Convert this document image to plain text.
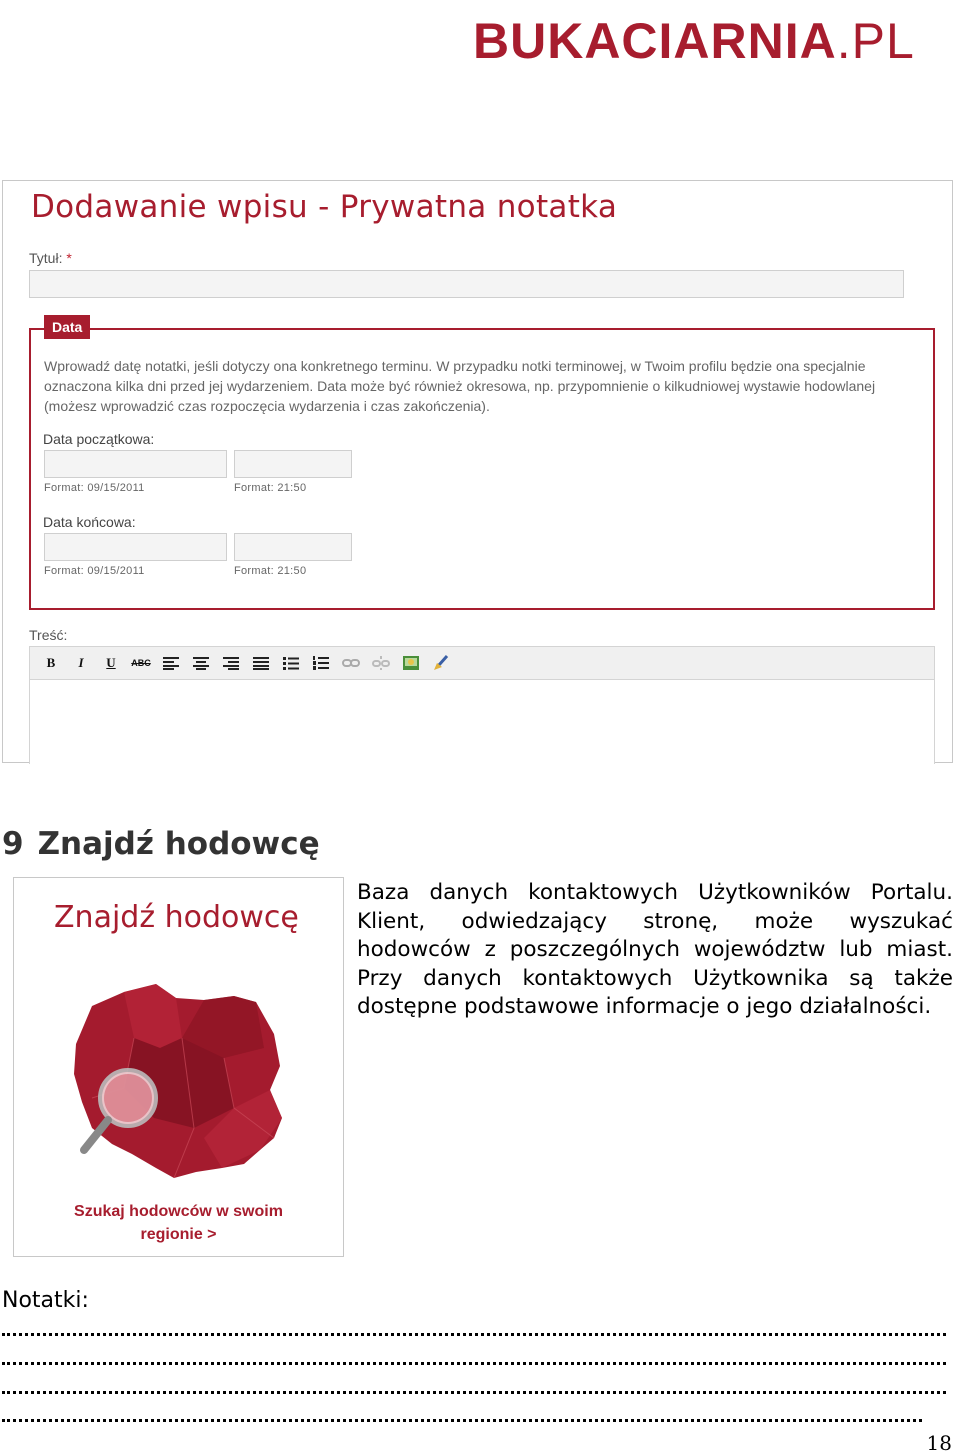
BUKACIARNIA .PL
Dodawanie wpisu - Prywatna notatka
Tytuł: *
Data
Wprowadź datę notatki, jeśli dotyczy ona konkretnego terminu. W przypadku notki terminowej, w Twoim profilu będzie ona specjalnie oznaczona kilka dni przed jej wydarzeniem. Data może być również okresowa, np. przypomnienie o kilkudniowej wystawie hodowlanej (możesz wprowadzić czas rozpoczęcia wydarzenia i czas zakończenia).
Data początkowa:
Format: 09/15/2011	Format: 21:50
Data końcowa:
Format: 09/15/2011	Format: 21:50
Treść:
B I U ABC
9 Znajdź hodowcę
Znajdź hodowcę
Szukaj hodowców w swoim
regionie >
Baza danych kontaktowych Użytkowników Portalu. Klient, odwiedzający stronę, może wyszukać hodowców z poszczególnych województw lub miast. Przy danych kontaktowych Użytkownika są także dostępne podstawowe informacje o jego działalności.
Notatki:
18
